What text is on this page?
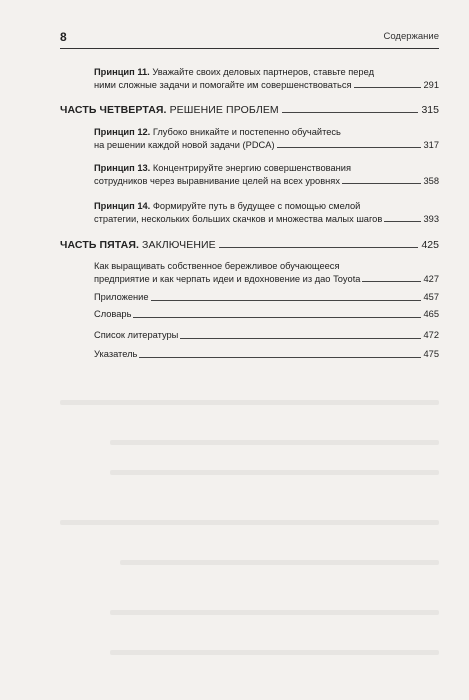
8	Содержание
Принцип 11. Уважайте своих деловых партнеров, ставьте перед
ними сложные задачи и помогайте им совершенствоваться	291
ЧАСТЬ ЧЕТВЕРТАЯ. РЕШЕНИЕ ПРОБЛЕМ	315
Принцип 12. Глубоко вникайте и постепенно обучайтесь
на решении каждой новой задачи (PDCA)	317
Принцип 13. Концентрируйте энергию совершенствования
сотрудников через выравнивание целей на всех уровнях	358
Принцип 14. Формируйте путь в будущее с помощью смелой
стратегии, нескольких больших скачков и множества малых шагов	393
ЧАСТЬ ПЯТАЯ. ЗАКЛЮЧЕНИЕ	425
Как выращивать собственное бережливое обучающееся
предприятие и как черпать идеи и вдохновение из дао Toyota	427
Приложение	457
Словарь	465
Список литературы	472
Указатель	475
